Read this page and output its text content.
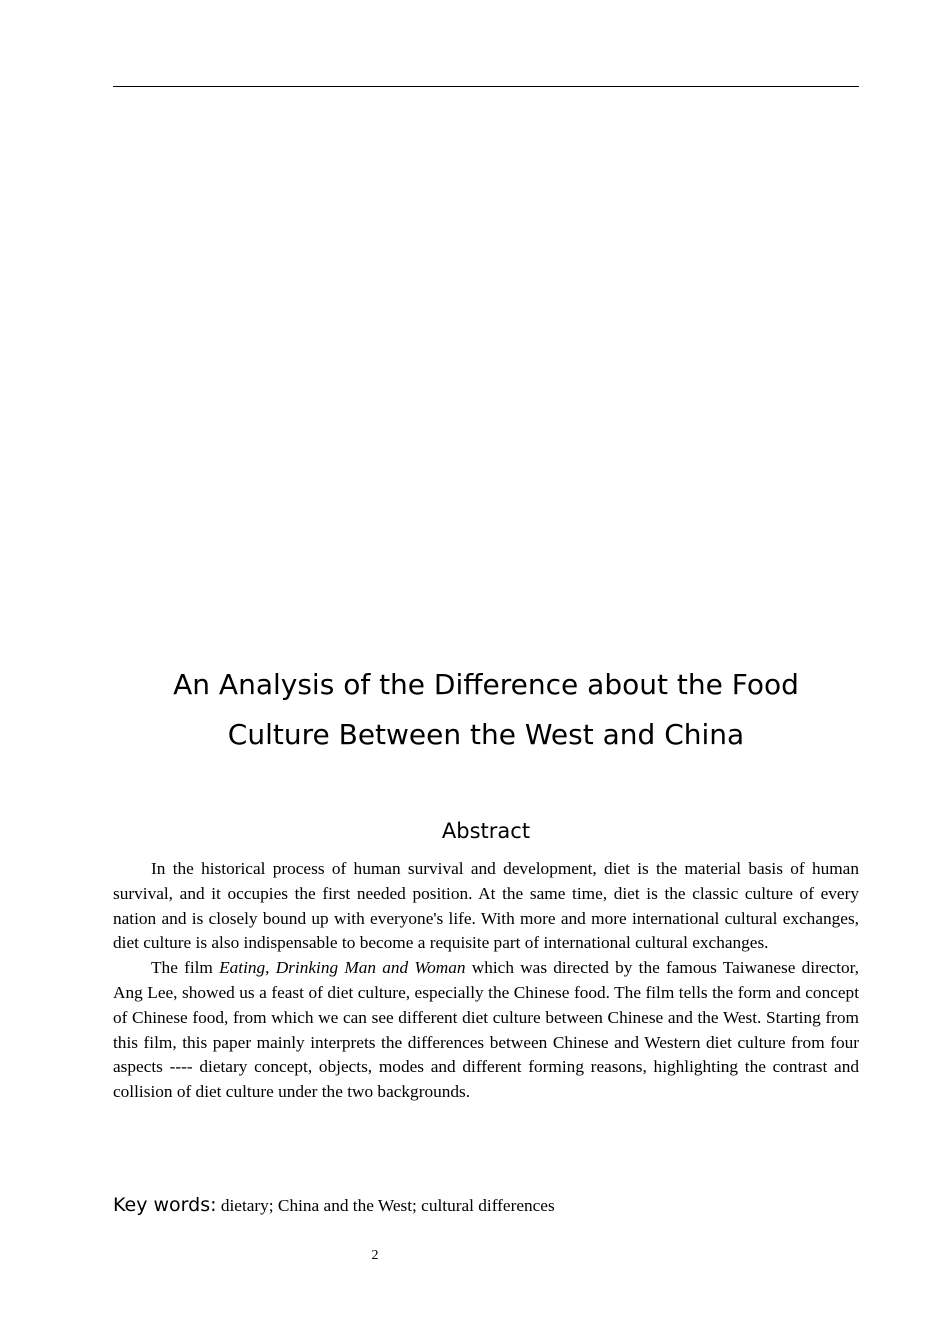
An Analysis of the Difference about the Food
Culture Between the West and China
Abstract

In the historical process of human survival and development, diet is the material basis of human survival, and it occupies the first needed position. At the same time, diet is the classic culture of every nation and is closely bound up with everyone's life. With more and more international cultural exchanges, diet culture is also indispensable to become a requisite part of international cultural exchanges.

The film Eating, Drinking Man and Woman which was directed by the famous Taiwanese director, Ang Lee, showed us a feast of diet culture, especially the Chinese food. The film tells the form and concept of Chinese food, from which we can see different diet culture between Chinese and the West. Starting from this film, this paper mainly interprets the differences between Chinese and Western diet culture from four aspects ---- dietary concept, objects, modes and different forming reasons, highlighting the contrast and collision of diet culture under the two backgrounds.

Key words: dietary; China and the West; cultural differences
2
